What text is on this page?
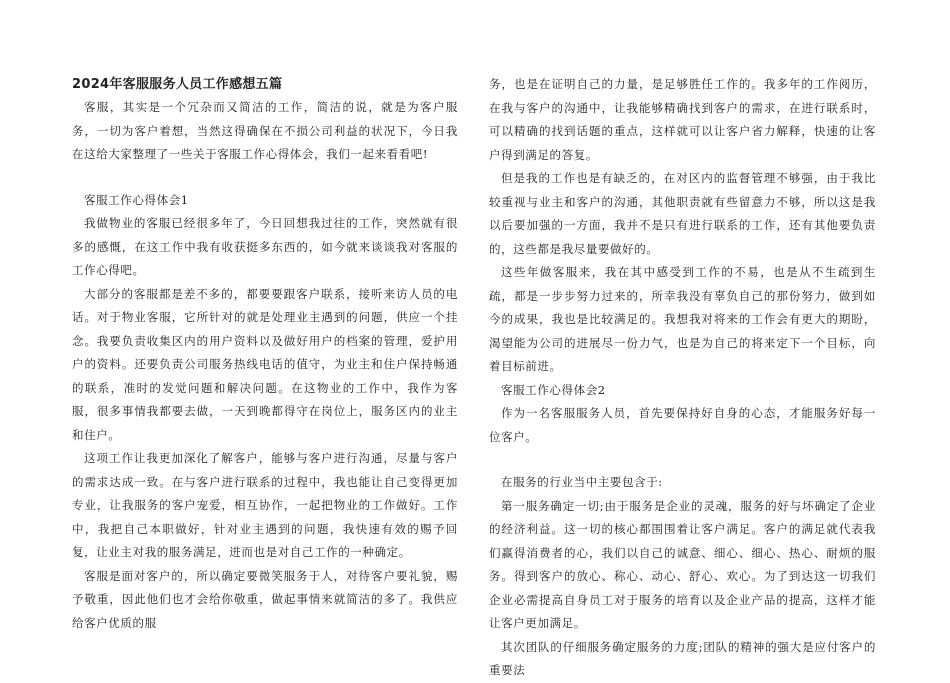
2024年客服服务人员工作感想五篇

客服，其实是一个冗杂而又简洁的工作，简洁的说，就是为客户服务，一切为客户着想，当然这得确保在不损公司利益的状况下，今日我在这给大家整理了一些关于客服工作心得体会，我们一起来看看吧!

客服工作心得体会1

我做物业的客服已经很多年了，今日回想我过往的工作，突然就有很多的感慨，在这工作中我有收获挺多东西的，如今就来谈谈我对客服的工作心得吧。

大部分的客服都是差不多的，都要要跟客户联系，接听来访人员的电话。对于物业客服，它所针对的就是处理业主遇到的问题，供应一个挂念。我要负责收集区内的用户资料以及做好用户的档案的管理，爱护用户的资料。还要负责公司服务热线电话的值守，为业主和住户保持畅通的联系，准时的发觉问题和解决问题。在这物业的工作中，我作为客服，很多事情我都要去做，一天到晚都得守在岗位上，服务区内的业主和住户。

这项工作让我更加深化了解客户，能够与客户进行沟通，尽量与客户的需求达成一致。在与客户进行联系的过程中，我也能让自己变得更加专业，让我服务的客户宠爱，相互协作，一起把物业的工作做好。工作中，我把自己本职做好，针对业主遇到的问题，我快速有效的赐予回复，让业主对我的服务满足，进而也是对自己工作的一种确定。

客服是面对客户的，所以确定要微笑服务于人，对待客户要礼貌，赐予敬重，因此他们也才会给你敬重，做起事情来就简洁的多了。我供应给客户优质的服

务，也是在证明自己的力量，是足够胜任工作的。我多年的工作阅历，在我与客户的沟通中，让我能够精确找到客户的需求，在进行联系时，可以精确的找到话题的重点，这样就可以让客户省力解释，快速的让客户得到满足的答复。

但是我的工作也是有缺乏的，在对区内的监督管理不够强，由于我比较重视与业主和客户的沟通，其他职责就有些留意力不够，所以这是我以后要加强的一方面，我并不是只有进行联系的工作，还有其他要负责的，这些都是我尽量要做好的。

这些年做客服来，我在其中感受到工作的不易，也是从不生疏到生疏，都是一步步努力过来的，所幸我没有辜负自己的那份努力，做到如今的成果，我也是比较满足的。我想我对将来的工作会有更大的期盼，渴望能为公司的进展尽一份力气，也是为自己的将来定下一个目标，向着目标前进。

客服工作心得体会2

作为一名客服服务人员，首先要保持好自身的心态，才能服务好每一位客户。

在服务的行业当中主要包含于:

第一服务确定一切;由于服务是企业的灵魂，服务的好与坏确定了企业的经济利益。这一切的核心都围围着让客户满足。客户的满足就代表我们赢得消费者的心，我们以自己的诚意、细心、细心、热心、耐烦的服务。得到客户的放心、称心、动心、舒心、欢心。为了到达这一切我们企业必需提高自身员工对于服务的培育以及企业产品的提高，这样才能让客户更加满足。

其次团队的仔细服务确定服务的力度;团队的精神的强大是应付客户的重要法
